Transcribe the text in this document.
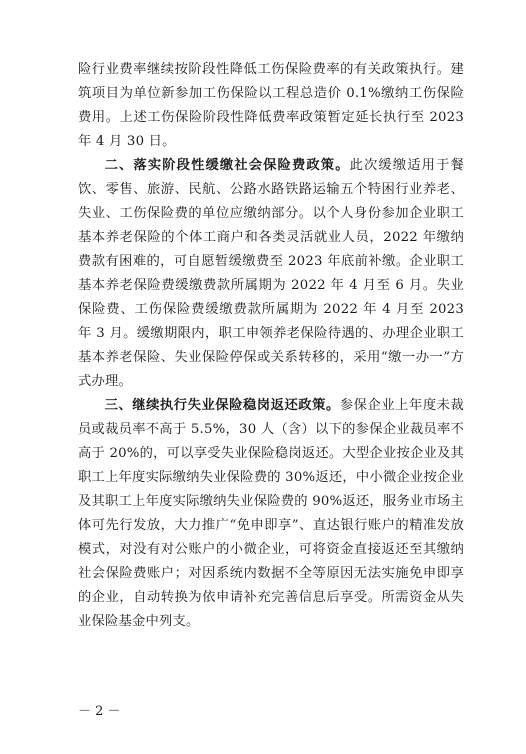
险行业费率继续按阶段性降低工伤保险费率的有关政策执行。建筑项目为单位新参加工伤保险以工程总造价 0.1%缴纳工伤保险费用。上述工伤保险阶段性降低费率政策暂定延长执行至 2023 年 4 月 30 日。

二、落实阶段性缓缴社会保险费政策。此次缓缴适用于餐饮、零售、旅游、民航、公路水路铁路运输五个特困行业养老、失业、工伤保险费的单位应缴纳部分。以个人身份参加企业职工基本养老保险的个体工商户和各类灵活就业人员，2022 年缴纳费款有困难的，可自愿暂缓缴费至 2023 年底前补缴。企业职工基本养老保险费缓缴费款所属期为 2022 年 4 月至 6 月。失业保险费、工伤保险费缓缴费款所属期为 2022 年 4 月至 2023 年 3 月。缓缴期限内，职工申领养老保险待遇的、办理企业职工基本养老保险、失业保险停保或关系转移的，采用“缴一办一”方式办理。

三、继续执行失业保险稳岗返还政策。参保企业上年度未裁员或裁员率不高于 5.5%，30 人（含）以下的参保企业裁员率不高于 20%的，可以享受失业保险稳岗返还。大型企业按企业及其职工上年度实际缴纳失业保险费的 30%返还，中小微企业按企业及其职工上年度实际缴纳失业保险费的 90%返还，服务业市场主体可先行发放，大力推广“免申即享”、直达银行账户的精准发放模式，对没有对公账户的小微企业，可将资金直接返还至其缴纳社会保险费账户；对因系统内数据不全等原因无法实施免申即享的企业，自动转换为依申请补充完善信息后享受。所需资金从失业保险基金中列支。

－ 2 －
